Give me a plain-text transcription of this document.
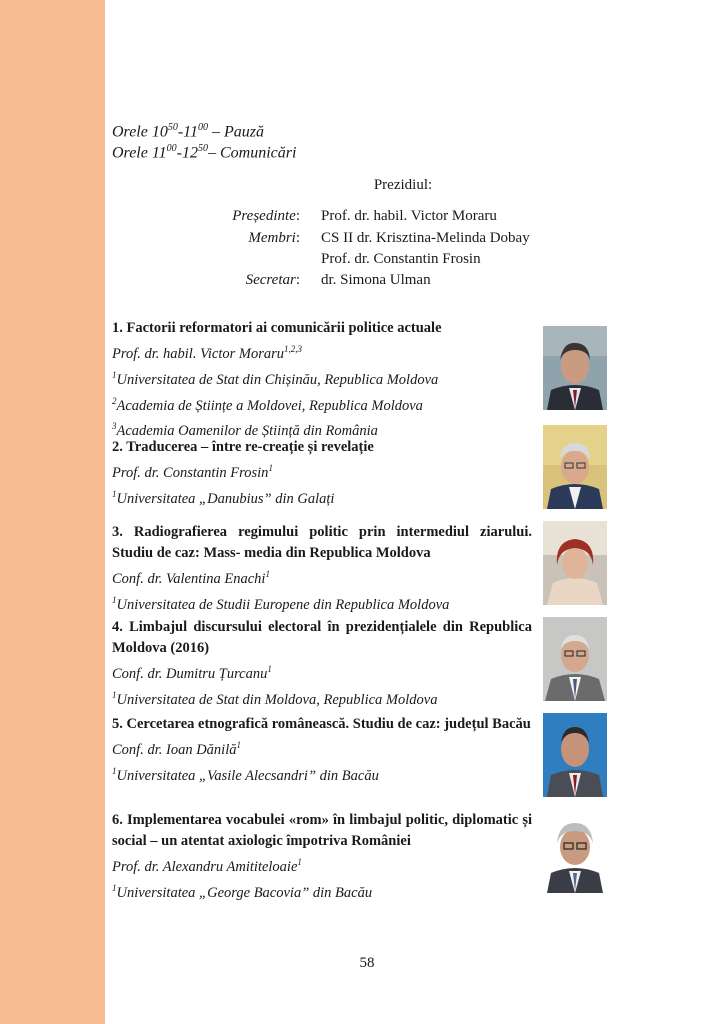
Orele $10^{50}-11^{00}$ – Pauză
Orele $11^{00}-12^{50}-$ Comunicări
Prezidiul:
Președinte: Prof. dr. habil. Victor Moraru
Membri: CS II dr. Krisztina-Melinda Dobay
Prof. dr. Constantin Frosin
Secretar: dr. Simona Ulman
1. Factorii reformatori ai comunicării politice actuale
Prof. dr. habil. Victor Moraru$^{1,2,3}$
$^1$Universitatea de Stat din Chișinău, Republica Moldova
$^2$Academia de Științe a Moldovei, Republica Moldova
$^3$Academia Oamenilor de Știință din România
2. Traducerea – între re-creație și revelație
Prof. dr. Constantin Frosin$^1$
$^1$Universitatea „Danubius” din Galați
3. Radiografierea regimului politic prin intermediul ziarului. Studiu de caz: Mass- media din Republica Moldova
Conf. dr. Valentina Enachi$^1$
$^1$Universitatea de Studii Europene din Republica Moldova
4. Limbajul discursului electoral în prezidențialele din Republica Moldova (2016)
Conf. dr. Dumitru Țurcanu$^1$
$^1$Universitatea de Stat din Moldova, Republica Moldova
5. Cercetarea etnografică românească. Studiu de caz: județul Bacău
Conf. dr. Ioan Dănilă$^1$
$^1$Universitatea „Vasile Alecsandri” din Bacău
6. Implementarea vocabulei «rom» în limbajul politic, diplomatic și social – un atentat axiologic împotriva României
Prof. dr. Alexandru Amititeloaie$^1$
$^1$Universitatea „George Bacovia” din Bacău
58
